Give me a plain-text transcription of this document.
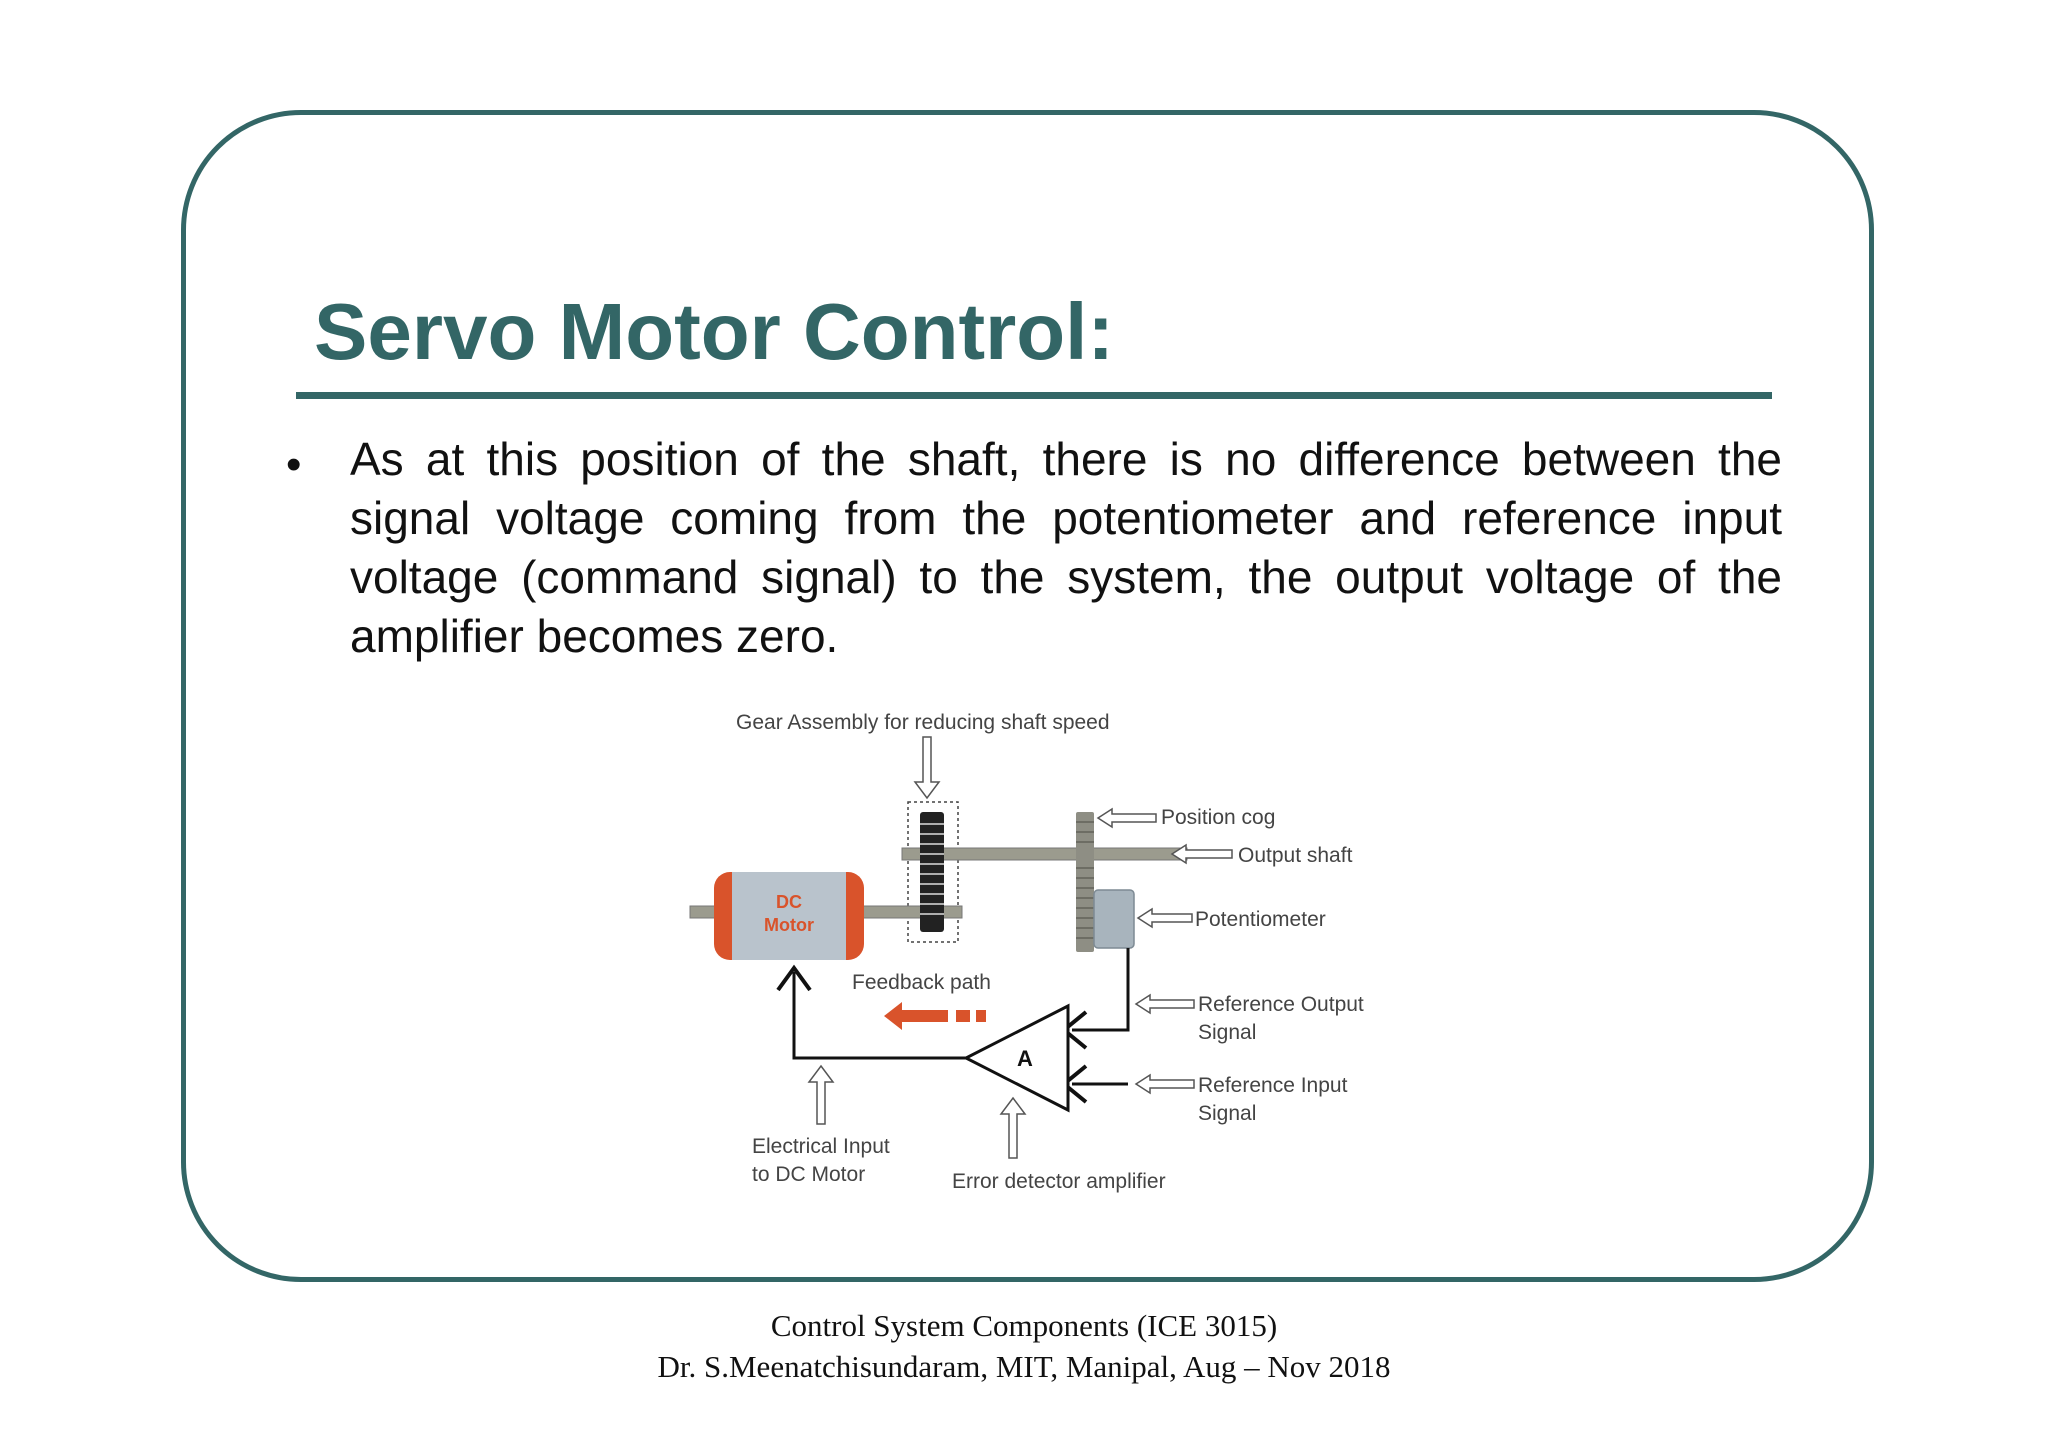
Servo Motor Control:
• As at this position of the shaft, there is no difference between the signal voltage coming from the potentiometer and reference input voltage (command signal) to the system, the output voltage of the amplifier becomes zero.

Gear Assembly for reducing shaft speed
DC
Motor
Position cog
Output shaft
Potentiometer
A
Feedback path
Reference Output
Signal
Reference Input
Signal
Electrical Input
to DC Motor	Error detector amplifier

Control System Components (ICE 3015)

Dr. S.Meenatchisundaram, MIT, Manipal, Aug – Nov 2018
